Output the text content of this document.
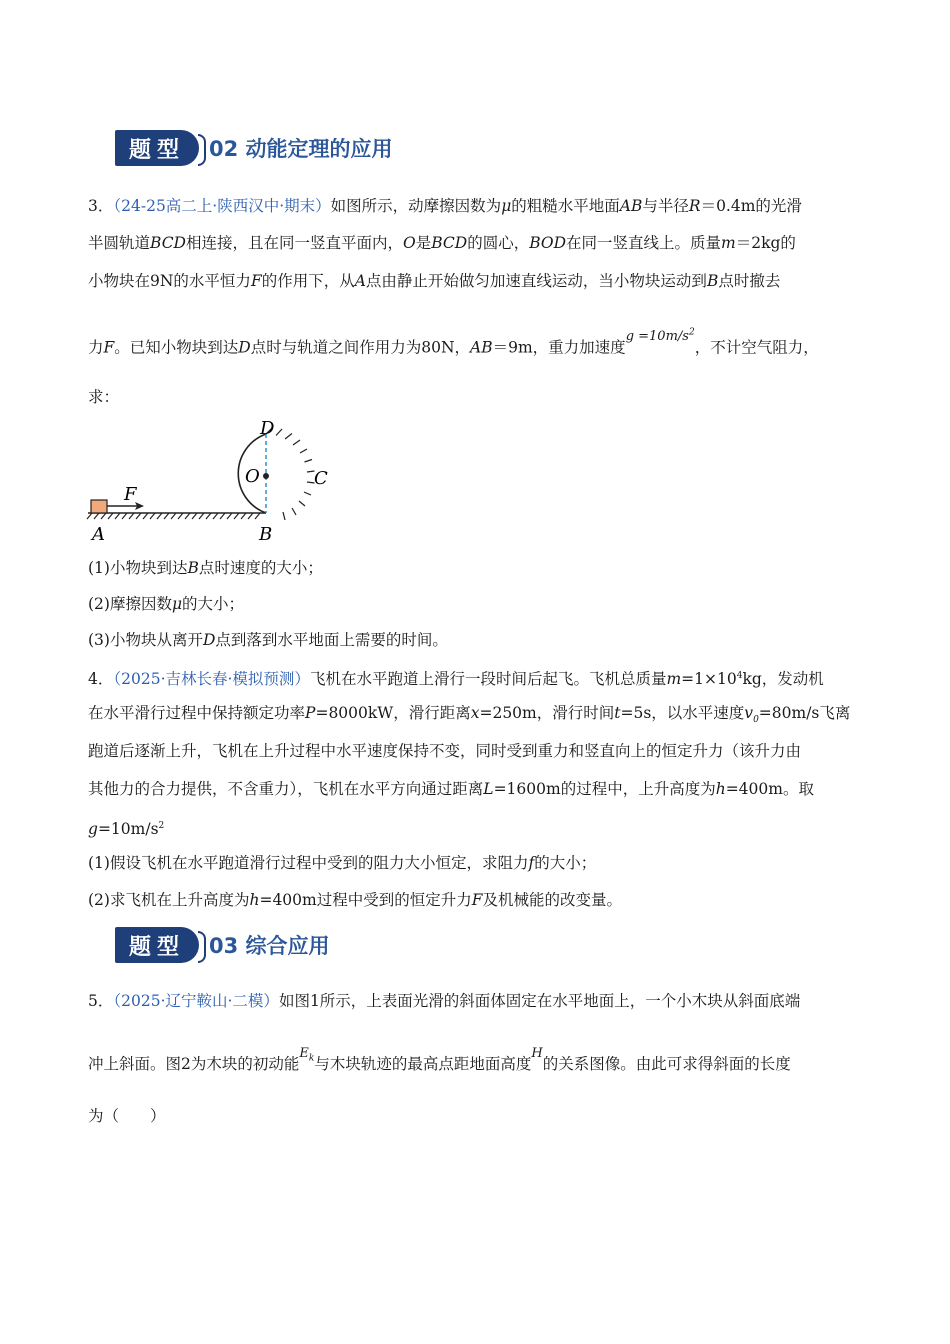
题型 02 动能定理的应用
3．（24-25高二上·陕西汉中·期末）如图所示，动摩擦因数为μ的粗糙水平地面AB与半径R＝0.4m的光滑
半圆轨道BCD相连接，且在同一竖直平面内，O是BCD的圆心，BOD在同一竖直线上。质量m＝2kg的
小物块在9N的水平恒力F的作用下，从A点由静止开始做匀加速直线运动，当小物块运动到B点时撤去
力F。已知小物块到达D点时与轨道之间作用力为80N，AB＝9m，重力加速度$^{g =10m/s^2}$，不计空气阻力，
求：
D
O	C
F
A	B
(1)小物块到达B点时速度的大小；
(2)摩擦因数μ的大小；
(3)小物块从离开D点到落到水平地面上需要的时间。
4．（2025·吉林长春·模拟预测）飞机在水平跑道上滑行一段时间后起飞。飞机总质量$m=1\times 10^4kg$，发动机
在水平滑行过程中保持额定功率P=8000kW，滑行距离x=250m，滑行时间t=5s，以水平速度$v_0=80m/s$飞离
跑道后逐渐上升，飞机在上升过程中水平速度保持不变，同时受到重力和竖直向上的恒定升力（该升力由
其他力的合力提供，不含重力），飞机在水平方向通过距离L=1600m的过程中，上升高度为h=400m。取
$g=10m/s^2$
(1)假设飞机在水平跑道滑行过程中受到的阻力大小恒定，求阻力f的大小；
(2)求飞机在上升高度为h=400m过程中受到的恒定升力F及机械能的改变量。
题型 03 综合应用
5．（2025·辽宁鞍山·二模）如图1所示，上表面光滑的斜面体固定在水平地面上，一个小木块从斜面底端
冲上斜面。图2为木块的初动能$^{E_k}$与木块轨迹的最高点距地面高度$^H$的关系图像。由此可求得斜面的长度
为（　　）
